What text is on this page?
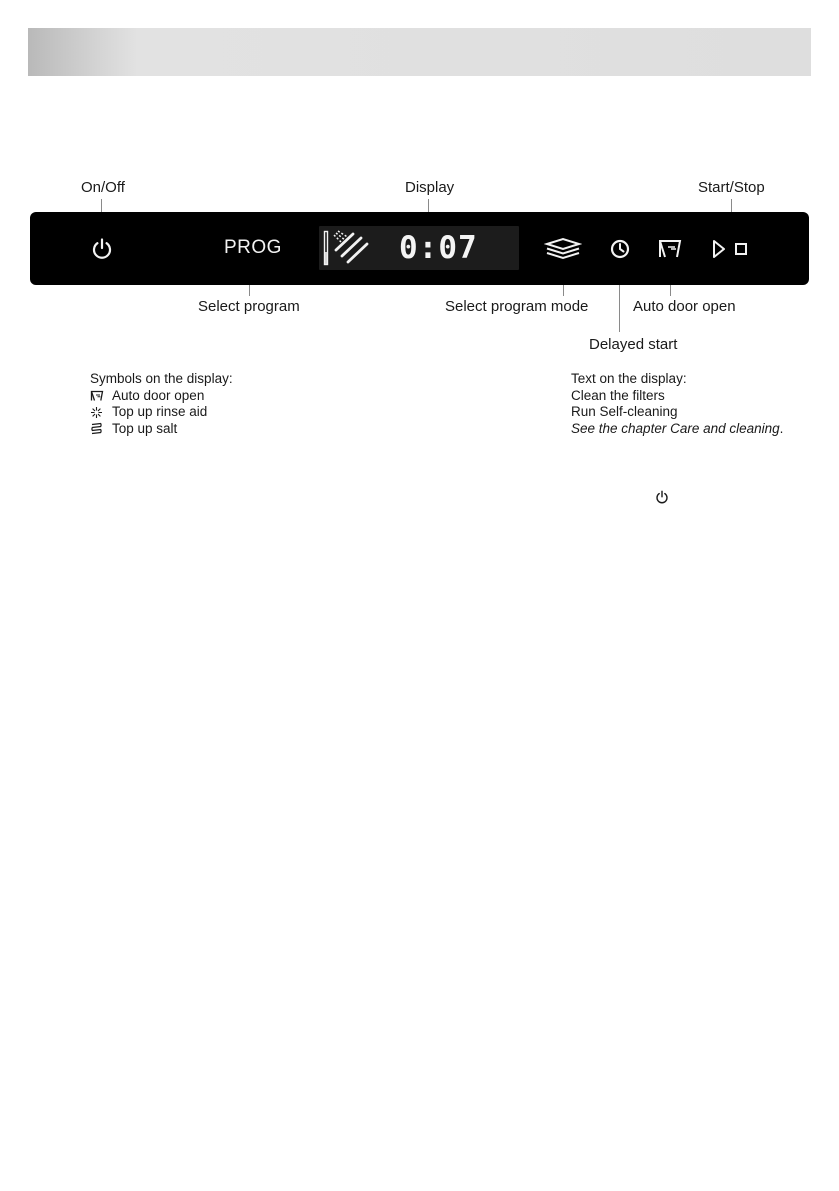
On/Off	Display	Start/Stop
PROG	0:07
Select program	Select program mode	Auto door open
Delayed start
Symbols on the display:
Auto door open
Top up rinse aid
Top up salt
Text on the display:
Clean the filters
Run Self-cleaning
See the chapter Care and cleaning .
